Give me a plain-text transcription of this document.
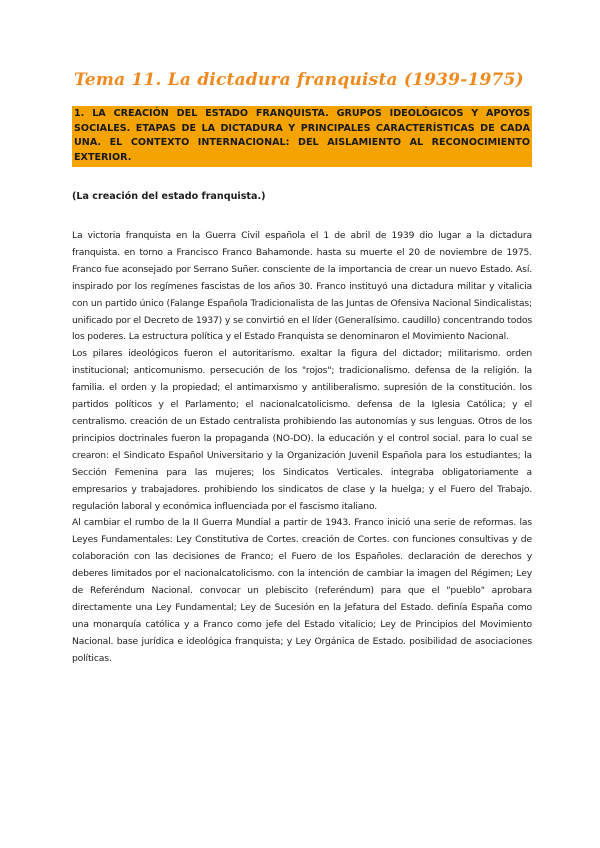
Tema 11. La dictadura franquista (1939-1975)
1. LA CREACIÓN DEL ESTADO FRANQUISTA. GRUPOS IDEOLÓGICOS Y APOYOS SOCIALES. ETAPAS DE LA DICTADURA Y PRINCIPALES CARACTERÍSTICAS DE CADA UNA. EL CONTEXTO INTERNACIONAL: DEL AISLAMIENTO AL RECONOCIMIENTO EXTERIOR.
(La creación del estado franquista.)

La victoria franquista en la Guerra Civil española el 1 de abril de 1939 dio lugar a la dictadura franquista. en torno a Francisco Franco Bahamonde. hasta su muerte el 20 de noviembre de 1975. Franco fue aconsejado por Serrano Suñer. consciente de la importancia de crear un nuevo Estado. Así. inspirado por los regímenes fascistas de los años 30. Franco instituyó una dictadura militar y vitalicia con un partido único (Falange Española Tradicionalista de las Juntas de Ofensiva Nacional Sindicalistas; unificado por el Decreto de 1937) y se convirtió en el líder (Generalísimo. caudillo) concentrando todos los poderes. La estructura política y el Estado Franquista se denominaron el Movimiento Nacional.

Los pilares ideológicos fueron el autoritarismo. exaltar la figura del dictador; militarismo. orden institucional; anticomunismo. persecución de los "rojos"; tradicionalismo. defensa de la religión. la familia. el orden y la propiedad; el antimarxismo y antiliberalismo. supresión de la constitución. los partidos políticos y el Parlamento; el nacionalcatolicismo. defensa de la Iglesia Católica; y el centralismo. creación de un Estado centralista prohibiendo las autonomías y sus lenguas. Otros de los principios doctrinales fueron la propaganda (NO-DO). la educación y el control social. para lo cual se crearon: el Sindicato Español Universitario y la Organización Juvenil Española para los estudiantes; la Sección Femenina para las mujeres; los Sindicatos Verticales. integraba obligatoriamente a empresarios y trabajadores. prohibiendo los sindicatos de clase y la huelga; y el Fuero del Trabajo. regulación laboral y económica influenciada por el fascismo italiano.

Al cambiar el rumbo de la II Guerra Mundial a partir de 1943. Franco inició una serie de reformas. las Leyes Fundamentales: Ley Constitutiva de Cortes. creación de Cortes. con funciones consultivas y de colaboración con las decisiones de Franco; el Fuero de los Españoles. declaración de derechos y deberes limitados por el nacionalcatolicismo. con la intención de cambiar la imagen del Régimen; Ley de Referéndum Nacional. convocar un plebiscito (referéndum) para que el "pueblo" aprobara directamente una Ley Fundamental; Ley de Sucesión en la Jefatura del Estado. definía España como una monarquía católica y a Franco como jefe del Estado vitalicio; Ley de Principios del Movimiento Nacional. base jurídica e ideológica franquista; y Ley Orgánica de Estado. posibilidad de asociaciones políticas.
